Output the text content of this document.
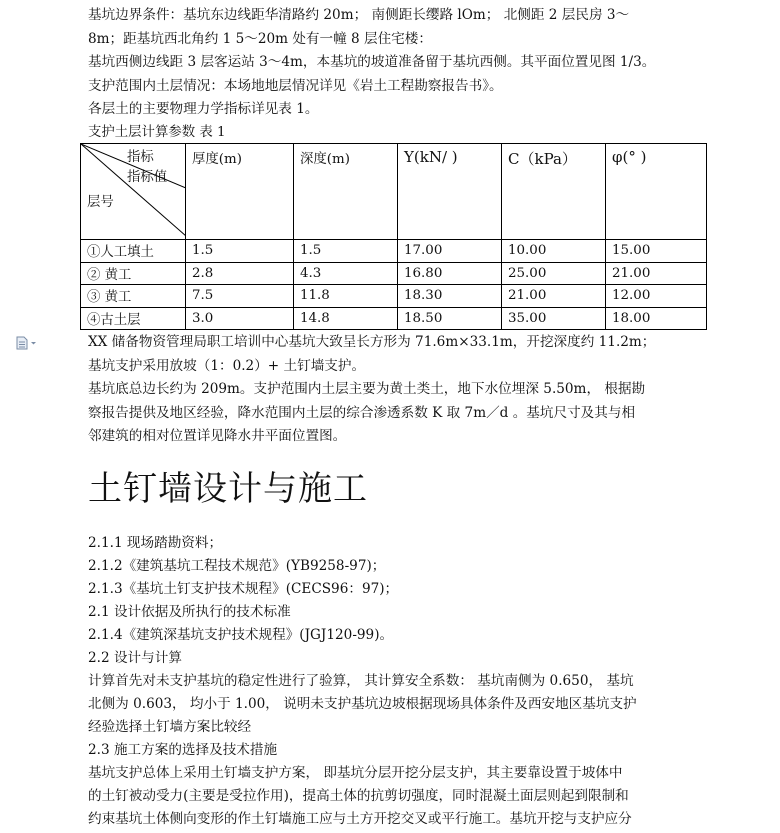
基坑边界条件：基坑东边线距华清路约 20m； 南侧距长缨路 lOm； 北侧距 2 层民房 3～

8m；距基坑西北角约 1 5～20m 处有一幢 8 层住宅楼：

基坑西侧边线距 3 层客运站 3～4m，本基坑的坡道准备留于基坑西侧。其平面位置见图 1/3。

支护范围内土层情况：本场地地层情况详见《岩土工程勘察报告书》。

各层土的主要物理力学指标详见表 1。

支护土层计算参数 表 1

指标
指标值
层号	厚度(m)	深度(m)	Y(kN/ )	C（kPa）	φ(° )
①人工填土	1.5	1.5	17.00	10.00	15.00
② 黄工	2.8	4.3	16.80	25.00	21.00
③ 黄工	7.5	11.8	18.30	21.00	12.00
④古土层	3.0	14.8	18.50	35.00	18.00

XX 储备物资管理局职工培训中心基坑大致呈长方形为 71.6m×33.1m，开挖深度约 11.2m；

基坑支护采用放坡（1：0.2）+ 土钉墙支护。

基坑底总边长约为 209m。支护范围内土层主要为黄土类土，地下水位埋深 5.50m， 根据勘

察报告提供及地区经验，降水范围内土层的综合渗透系数 K 取 7m／d 。基坑尺寸及其与相

邻建筑的相对位置详见降水井平面位置图。

土钉墙设计与施工

2.1.1 现场踏勘资料；

2.1.2《建筑基坑工程技术规范》(YB9258-97)；

2.1.3《基坑土钉支护技术规程》(CECS96：97)；

2.1 设计依据及所执行的技术标准

2.1.4《建筑深基坑支护技术规程》(JGJ120-99)。

2.2 设计与计算

计算首先对未支护基坑的稳定性进行了验算， 其计算安全系数： 基坑南侧为 0.650， 基坑

北侧为 0.603， 均小于 1.00， 说明未支护基坑边坡根据现场具体条件及西安地区基坑支护

经验选择土钉墙方案比较经

2.3 施工方案的选择及技术措施

基坑支护总体上采用土钉墙支护方案， 即基坑分层开挖分层支护，其主要靠设置于坡体中

的土钉被动受力(主要是受拉作用)，提高土体的抗剪切强度，同时混凝土面层则起到限制和

约束基坑土体侧向变形的作土钉墙施工应与土方开挖交叉或平行施工。基坑开挖与支护应分
